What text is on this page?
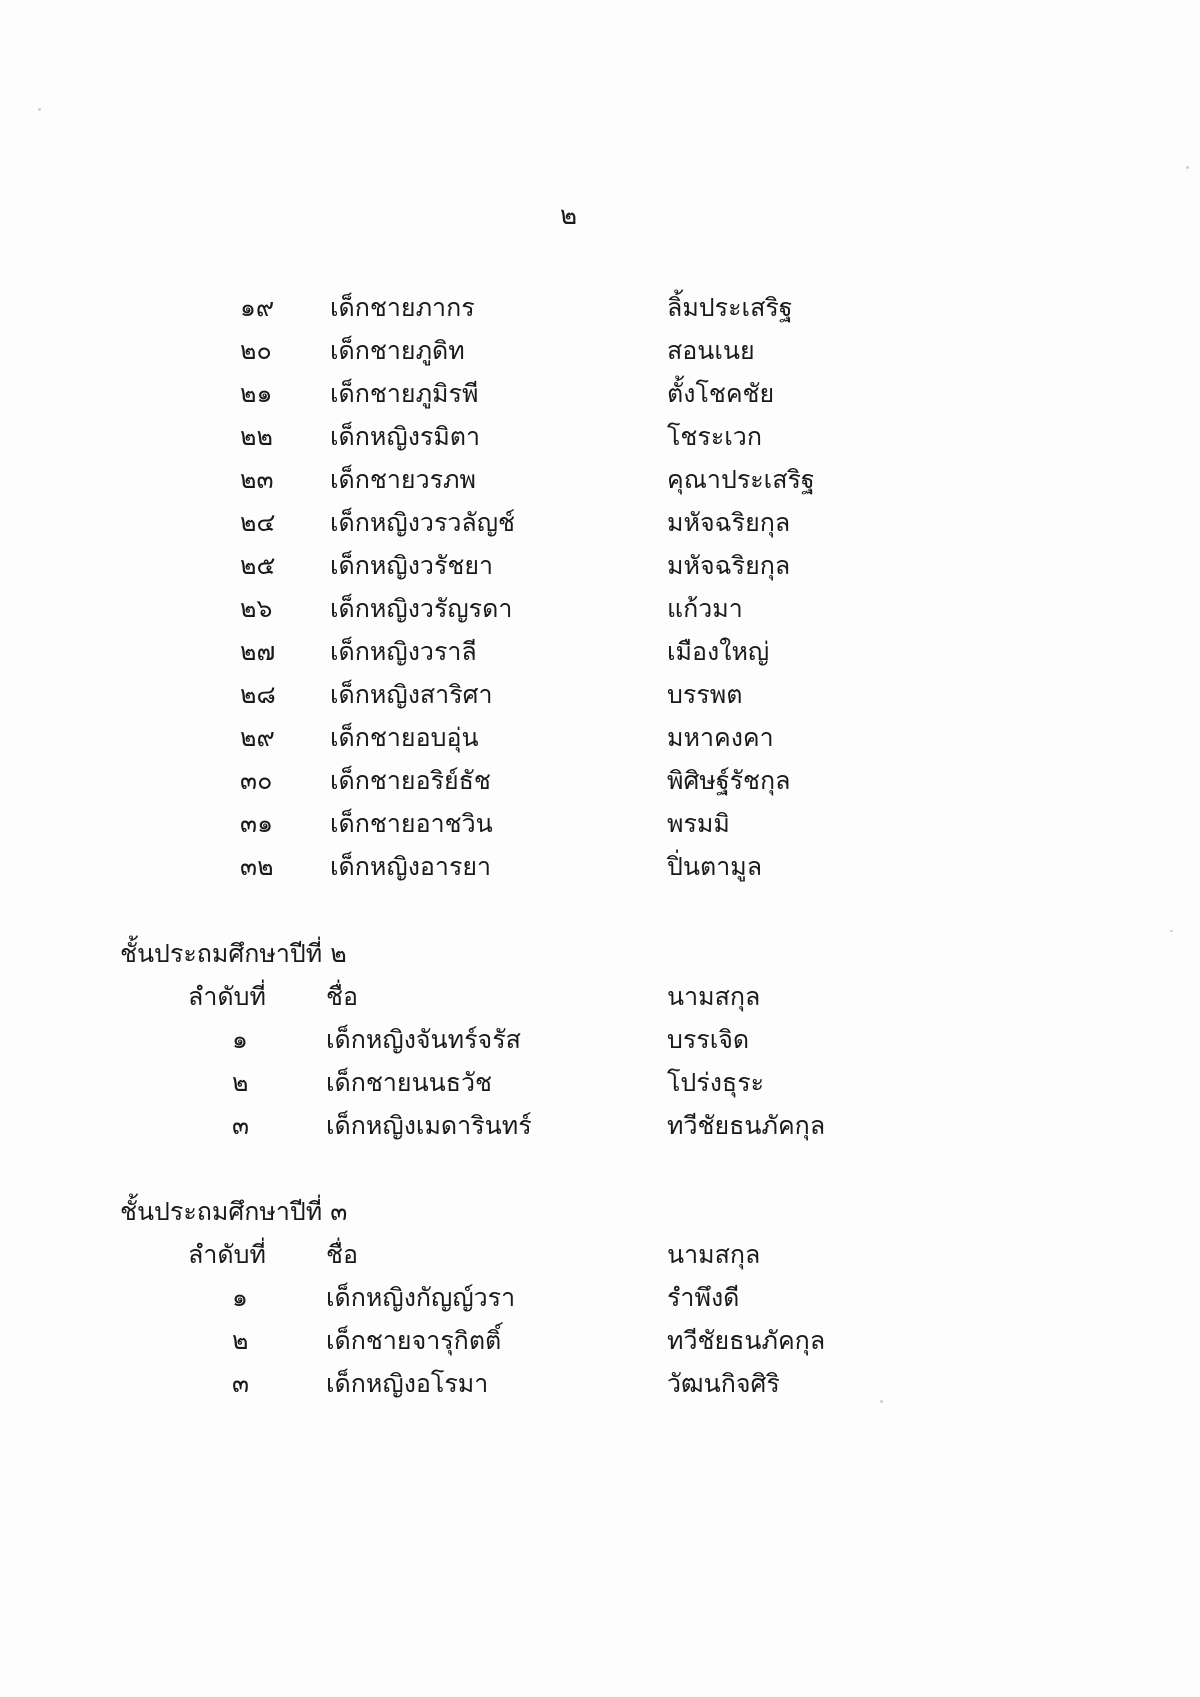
๒
๑๙ เด็กชายภากร	ลิ้มประเสริฐ
๒๐ เด็กชายภูดิท	สอนเนย
๒๑ เด็กชายภูมิรพี	ตั้งโชคชัย
๒๒ เด็กหญิงรมิตา	โชระเวก
๒๓ เด็กชายวรภพ	คุณาประเสริฐ
๒๔ เด็กหญิงวรวลัญช์	มหัจฉริยกุล
๒๕ เด็กหญิงวรัชยา	มหัจฉริยกุล
๒๖ เด็กหญิงวรัญรดา	แก้วมา
๒๗ เด็กหญิงวราลี	เมืองใหญ่
๒๘ เด็กหญิงสาริศา	บรรพต
๒๙ เด็กชายอบอุ่น	มหาคงคา
๓๐ เด็กชายอริย์ธัช	พิศิษฐ์รัชกุล
๓๑ เด็กชายอาชวิน	พรมมิ
๓๒ เด็กหญิงอารยา	ปิ่นตามูล
ชั้นประถมศึกษาปีที่ ๒
ลำดับที่ ชื่อ	นามสกุล
๑	เด็กหญิงจันทร์จรัส	บรรเจิด
๒	เด็กชายนนธวัช	โปร่งธุระ
๓	เด็กหญิงเมดารินทร์	ทวีชัยธนภัคกุล
ชั้นประถมศึกษาปีที่ ๓
ลำดับที่ ชื่อ	นามสกุล
๑	เด็กหญิงกัญญ์วรา	รำพึงดี
๒	เด็กชายจารุกิตติ์	ทวีชัยธนภัคกุล
๓	เด็กหญิงอโรมา	วัฒนกิจศิริ
